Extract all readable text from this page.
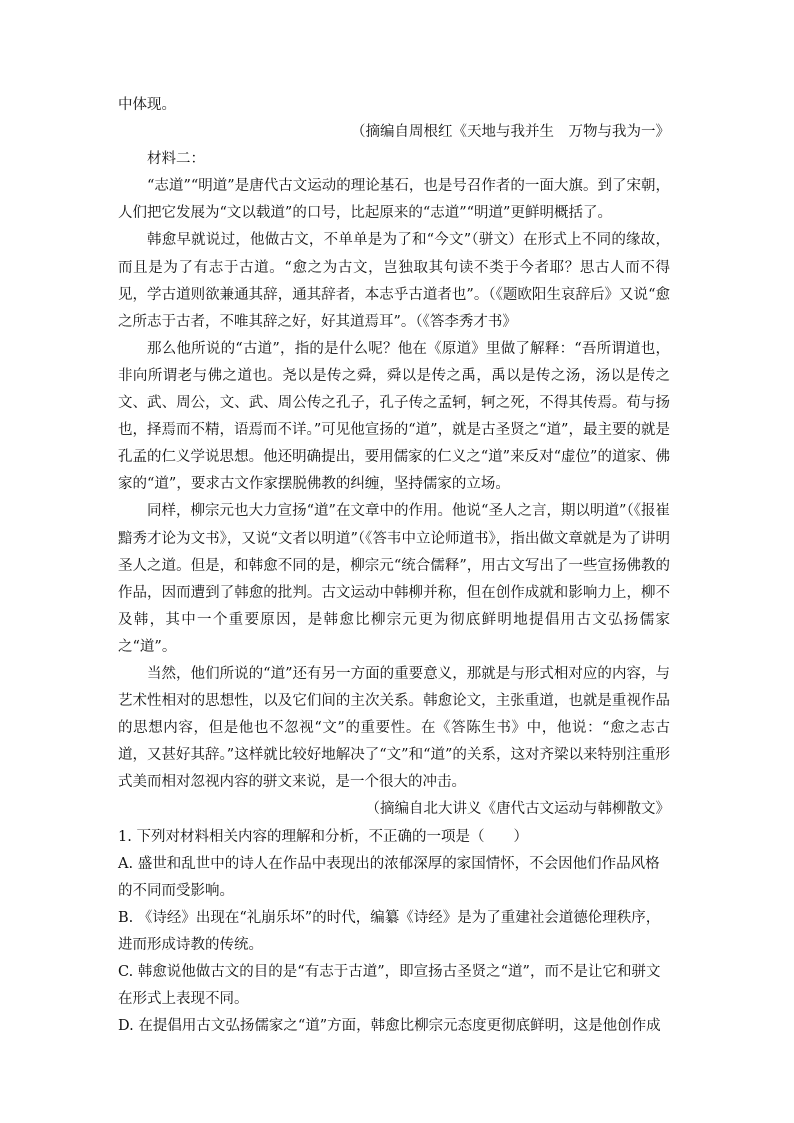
中体现。

（摘编自周根红《天地与我并生　万物与我为一》

材料二：

“志道”“明道”是唐代古文运动的理论基石，也是号召作者的一面大旗。到了宋朝，人们把它发展为“文以载道”的口号，比起原来的“志道”“明道”更鲜明概括了。

韩愈早就说过，他做古文，不单单是为了和“今文”（骈文）在形式上不同的缘故，而且是为了有志于古道。“愈之为古文，岂独取其句读不类于今者耶？思古人而不得见，学古道则欲兼通其辞，通其辞者，本志乎古道者也”。（《题欧阳生哀辞后》又说“愈之所志于古者，不唯其辞之好，好其道焉耳”。（《答李秀才书》

那么他所说的“古道”，指的是什么呢？他在《原道》里做了解释：“吾所谓道也，非向所谓老与佛之道也。尧以是传之舜，舜以是传之禹，禹以是传之汤，汤以是传之文、武、周公，文、武、周公传之孔子，孔子传之孟轲，轲之死，不得其传焉。荀与扬也，择焉而不精，语焉而不详。”可见他宣扬的“道”，就是古圣贤之“道”，最主要的就是孔孟的仁义学说思想。他还明确提出，要用儒家的仁义之“道”来反对“虚位”的道家、佛家的“道”，要求古文作家摆脱佛教的纠缠，坚持儒家的立场。

同样，柳宗元也大力宣扬“道”在文章中的作用。他说“圣人之言，期以明道”（《报崔黯秀才论为文书》，又说“文者以明道”（《答韦中立论师道书》，指出做文章就是为了讲明圣人之道。但是，和韩愈不同的是，柳宗元“统合儒释”，用古文写出了一些宣扬佛教的作品，因而遭到了韩愈的批判。古文运动中韩柳并称，但在创作成就和影响力上，柳不及韩，其中一个重要原因，是韩愈比柳宗元更为彻底鲜明地提倡用古文弘扬儒家之“道”。

当然，他们所说的“道”还有另一方面的重要意义，那就是与形式相对应的内容，与艺术性相对的思想性，以及它们间的主次关系。韩愈论文，主张重道，也就是重视作品的思想内容，但是他也不忽视“文”的重要性。在《答陈生书》中，他说：“愈之志古道，又甚好其辞。”这样就比较好地解决了“文”和“道”的关系，这对齐梁以来特别注重形式美而相对忽视内容的骈文来说，是一个很大的冲击。

（摘编自北大讲义《唐代古文运动与韩柳散文》

1. 下列对材料相关内容的理解和分析，不正确的一项是（　　）

A. 盛世和乱世中的诗人在作品中表现出的浓郁深厚的家国情怀，不会因他们作品风格的不同而受影响。

B. 《诗经》出现在“礼崩乐坏”的时代，编纂《诗经》是为了重建社会道德伦理秩序，进而形成诗教的传统。

C. 韩愈说他做古文的目的是“有志于古道”，即宣扬古圣贤之“道”，而不是让它和骈文在形式上表现不同。

D. 在提倡用古文弘扬儒家之“道”方面，韩愈比柳宗元态度更彻底鲜明，这是他创作成
